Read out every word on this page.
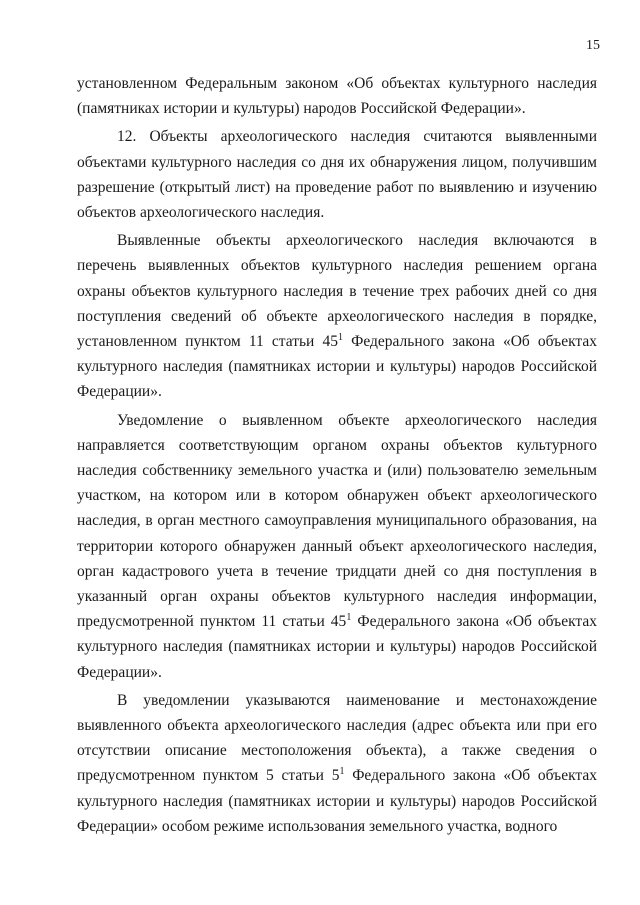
15

установленном Федеральным законом «Об объектах культурного наследия (памятниках истории и культуры) народов Российской Федерации».

12. Объекты археологического наследия считаются выявленными объектами культурного наследия со дня их обнаружения лицом, получившим разрешение (открытый лист) на проведение работ по выявлению и изучению объектов археологического наследия.

Выявленные объекты археологического наследия включаются в перечень выявленных объектов культурного наследия решением органа охраны объектов культурного наследия в течение трех рабочих дней со дня поступления сведений об объекте археологического наследия в порядке, установленном пунктом 11 статьи $45^1$ Федерального закона «Об объектах культурного наследия (памятниках истории и культуры) народов Российской Федерации».

Уведомление о выявленном объекте археологического наследия направляется соответствующим органом охраны объектов культурного наследия собственнику земельного участка и (или) пользователю земельным участком, на котором или в котором обнаружен объект археологического наследия, в орган местного самоуправления муниципального образования, на территории которого обнаружен данный объект археологического наследия, орган кадастрового учета в течение тридцати дней со дня поступления в указанный орган охраны объектов культурного наследия информации, предусмотренной пунктом 11 статьи $45^1$ Федерального закона «Об объектах культурного наследия (памятниках истории и культуры) народов Российской Федерации».

В уведомлении указываются наименование и местонахождение выявленного объекта археологического наследия (адрес объекта или при его отсутствии описание местоположения объекта), а также сведения о предусмотренном пунктом 5 статьи $5^1$ Федерального закона «Об объектах культурного наследия (памятниках истории и культуры) народов Российской Федерации» особом режиме использования земельного участка, водного
